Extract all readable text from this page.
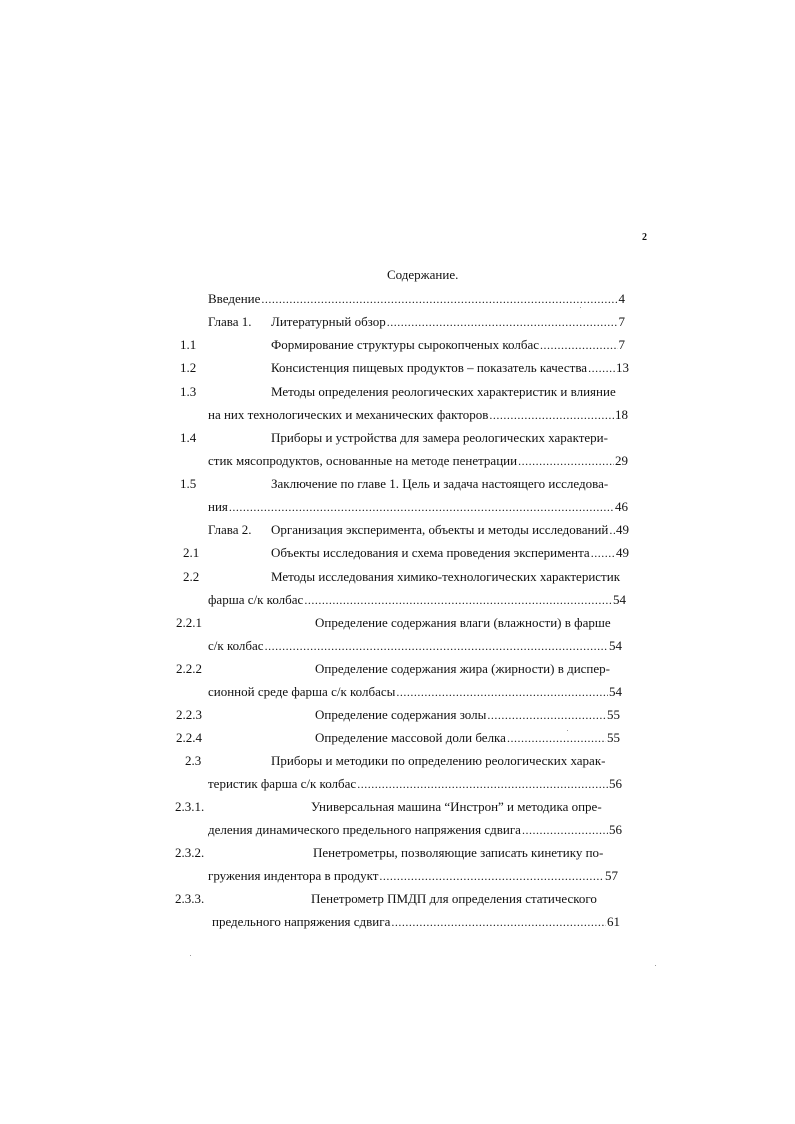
2
Содержание.
Введение .....	4
Глава 1. Литературный обзор .....	7
1.1	Формирование структуры сырокопченых колбас .....	7
1.2	Консистенция пищевых продуктов – показатель качества ..... 13
1.3	Методы определения реологических характеристик и влияние
на них технологических и механических факторов .....	18
1.4	Приборы и устройства для замера реологических характери-
стик мясопродуктов, основанные на методе пенетрации .....	29
1.5	Заключение по главе 1. Цель и задача настоящего исследова-
ния .....	46
Глава 2. Организация эксперимента, объекты и методы исследований ..... 49
2.1	Объекты исследования и схема проведения эксперимента ..... 49
2.2	Методы исследования химико-технологических характеристик
фарша с/к колбас .....	54
2.2.1	Определение содержания влаги (влажности) в фарше
с/к колбас .....	54
2.2.2	Определение содержания жира (жирности) в диспер-
сионной среде фарша с/к колбасы .....	54
2.2.3	Определение содержания золы .....	55
2.2.4	Определение массовой доли белка .....	55
2.3	Приборы и методики по определению реологических харак-
теристик фарша с/к колбас .....	56
2.3.1.	Универсальная машина “Инстрон” и методика опре-
деления динамического предельного напряжения сдвига .....	56
2.3.2.	Пенетрометры, позволяющие записать кинетику по-
гружения индентора в продукт .....	57
2.3.3.	Пенетрометр ПМДП для определения статического
предельного напряжения сдвига .....	61
